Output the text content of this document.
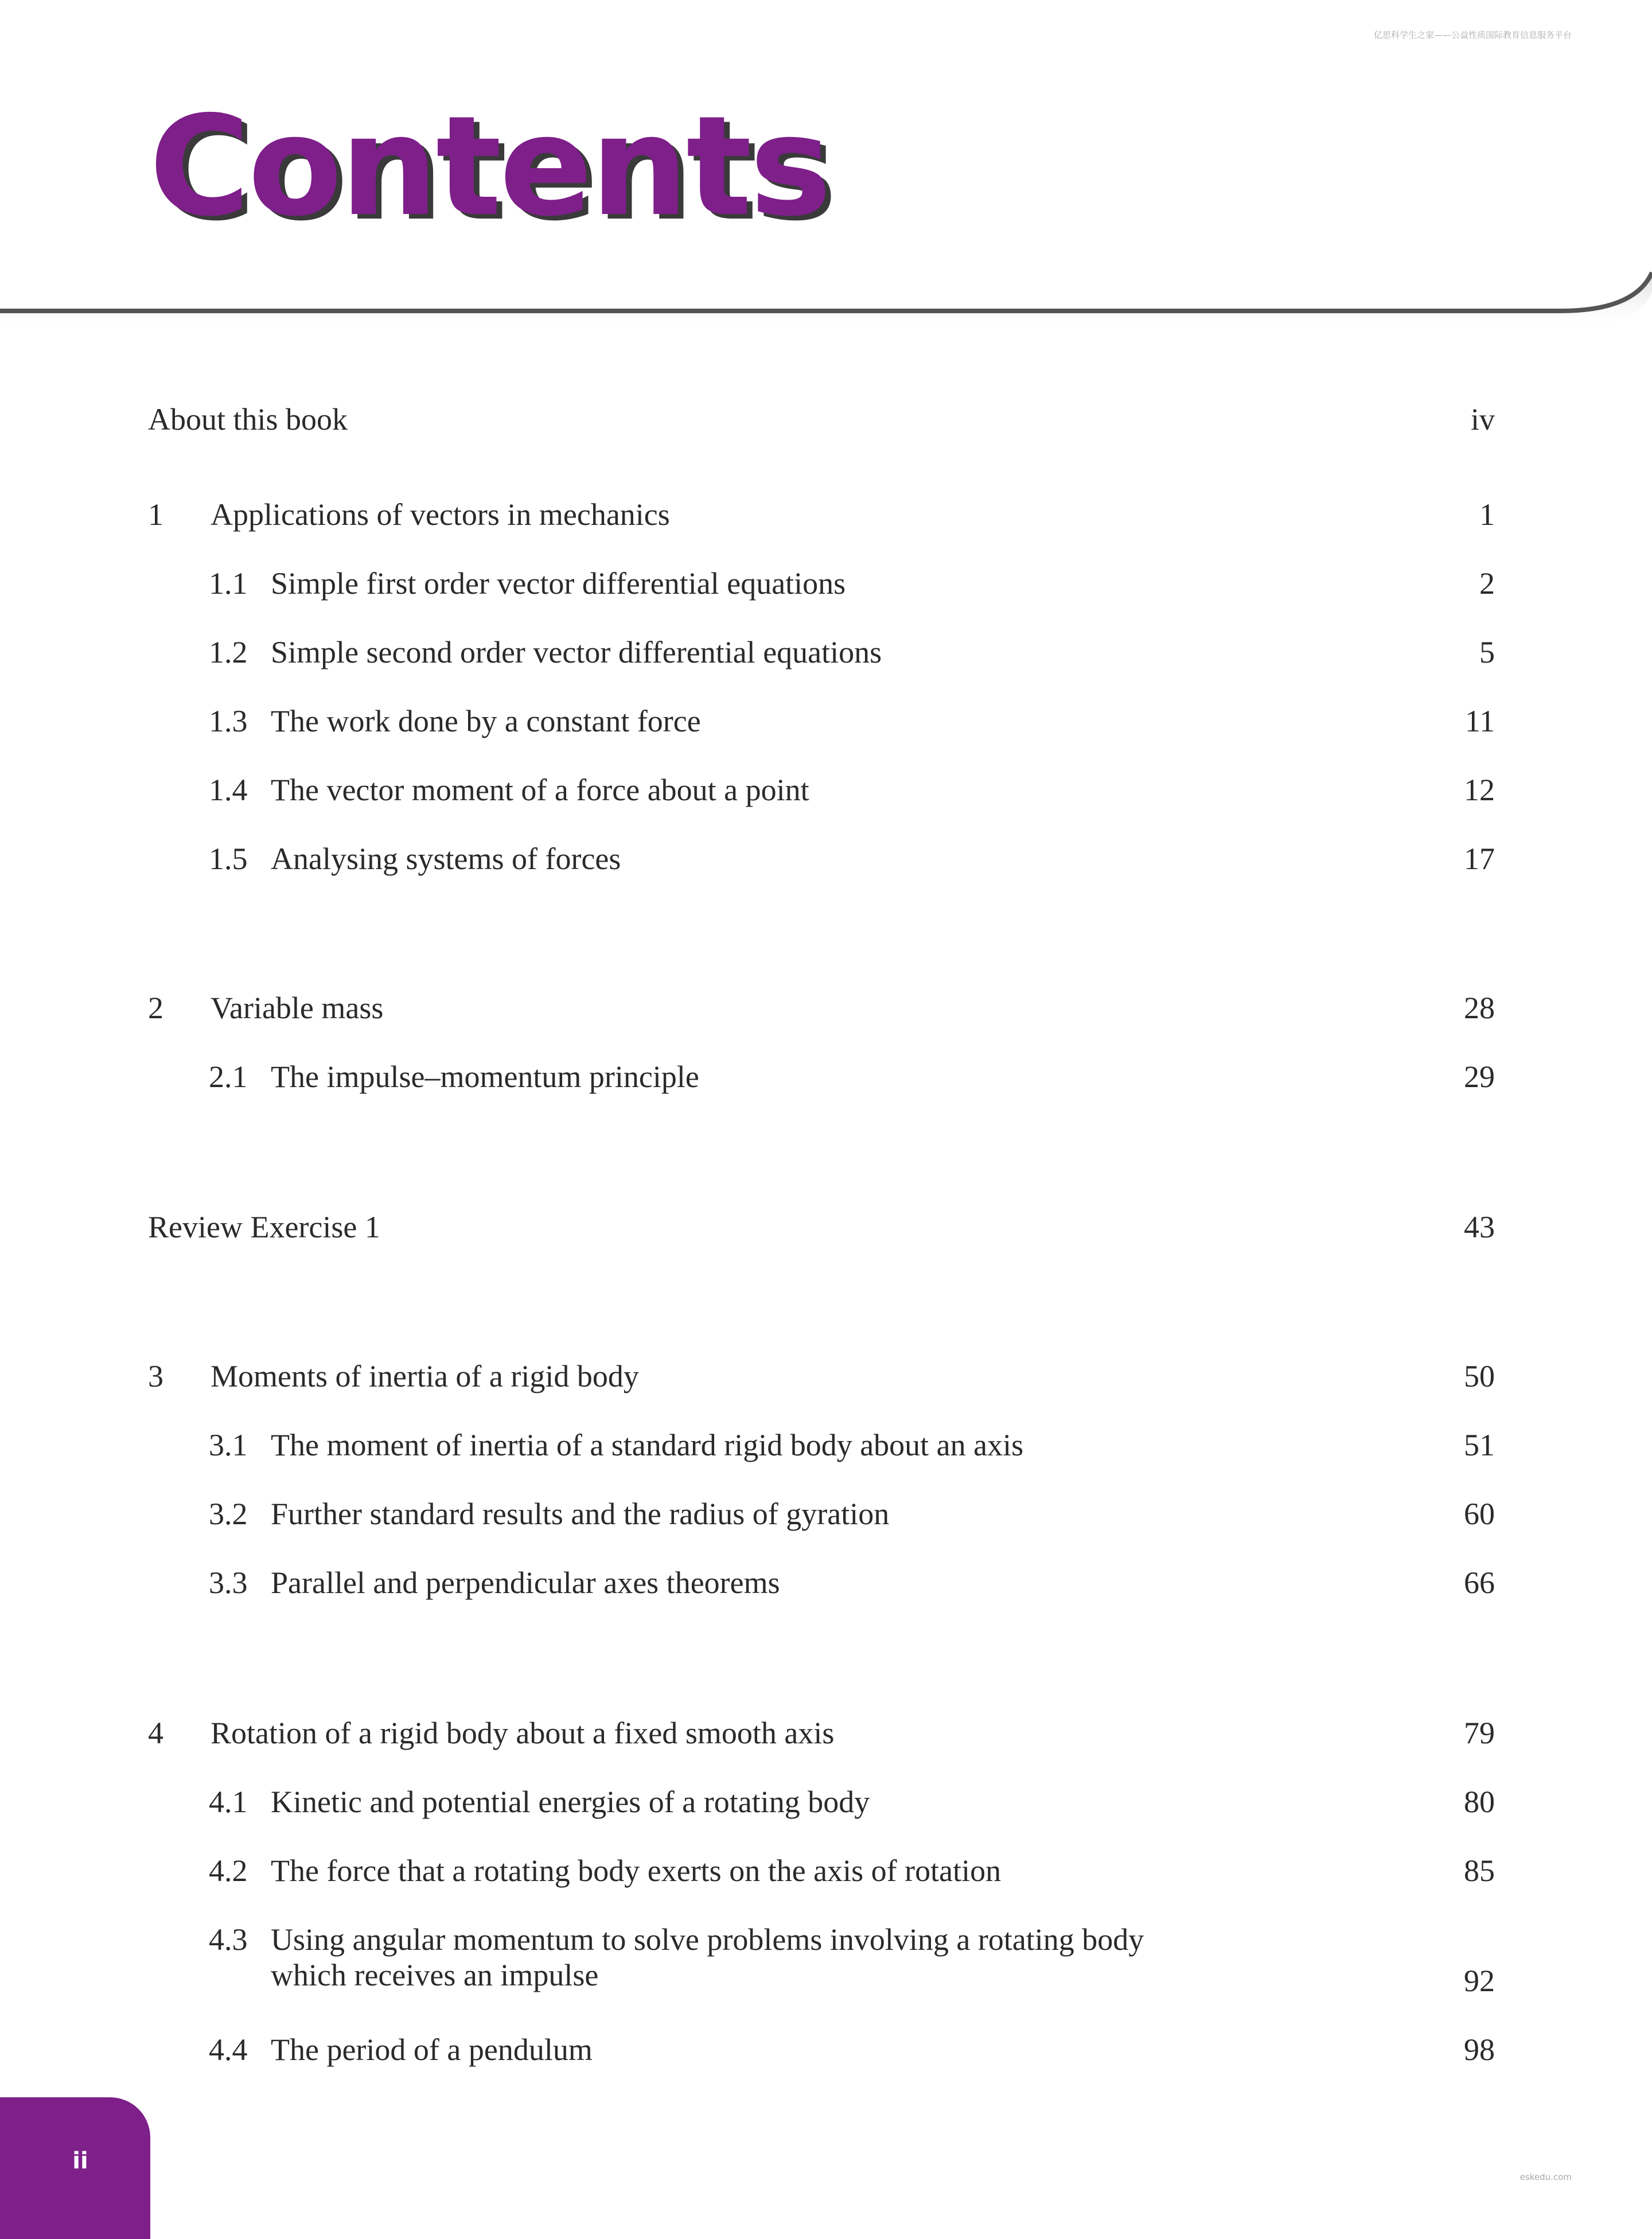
亿思科学生之家——公益性质国际教育信息服务平台
Contents
About this book	iv
1 Applications of vectors in mechanics	1
1.1 Simple first order vector differential equations	2
1.2 Simple second order vector differential equations	5
1.3 The work done by a constant force	11
1.4 The vector moment of a force about a point	12
1.5 Analysing systems of forces	17
2 Variable mass	28
2.1 The impulse–momentum principle	29
Review Exercise 1	43
3 Moments of inertia of a rigid body	50
3.1 The moment of inertia of a standard rigid body about an axis	51
3.2 Further standard results and the radius of gyration	60
3.3 Parallel and perpendicular axes theorems	66
4 Rotation of a rigid body about a fixed smooth axis	79
4.1 Kinetic and potential energies of a rotating body	80
4.2 The force that a rotating body exerts on the axis of rotation	85
4.3 Using angular momentum to solve problems involving a rotating body
which receives an impulse	92
4.4 The period of a pendulum	98
ii
eskedu.com
